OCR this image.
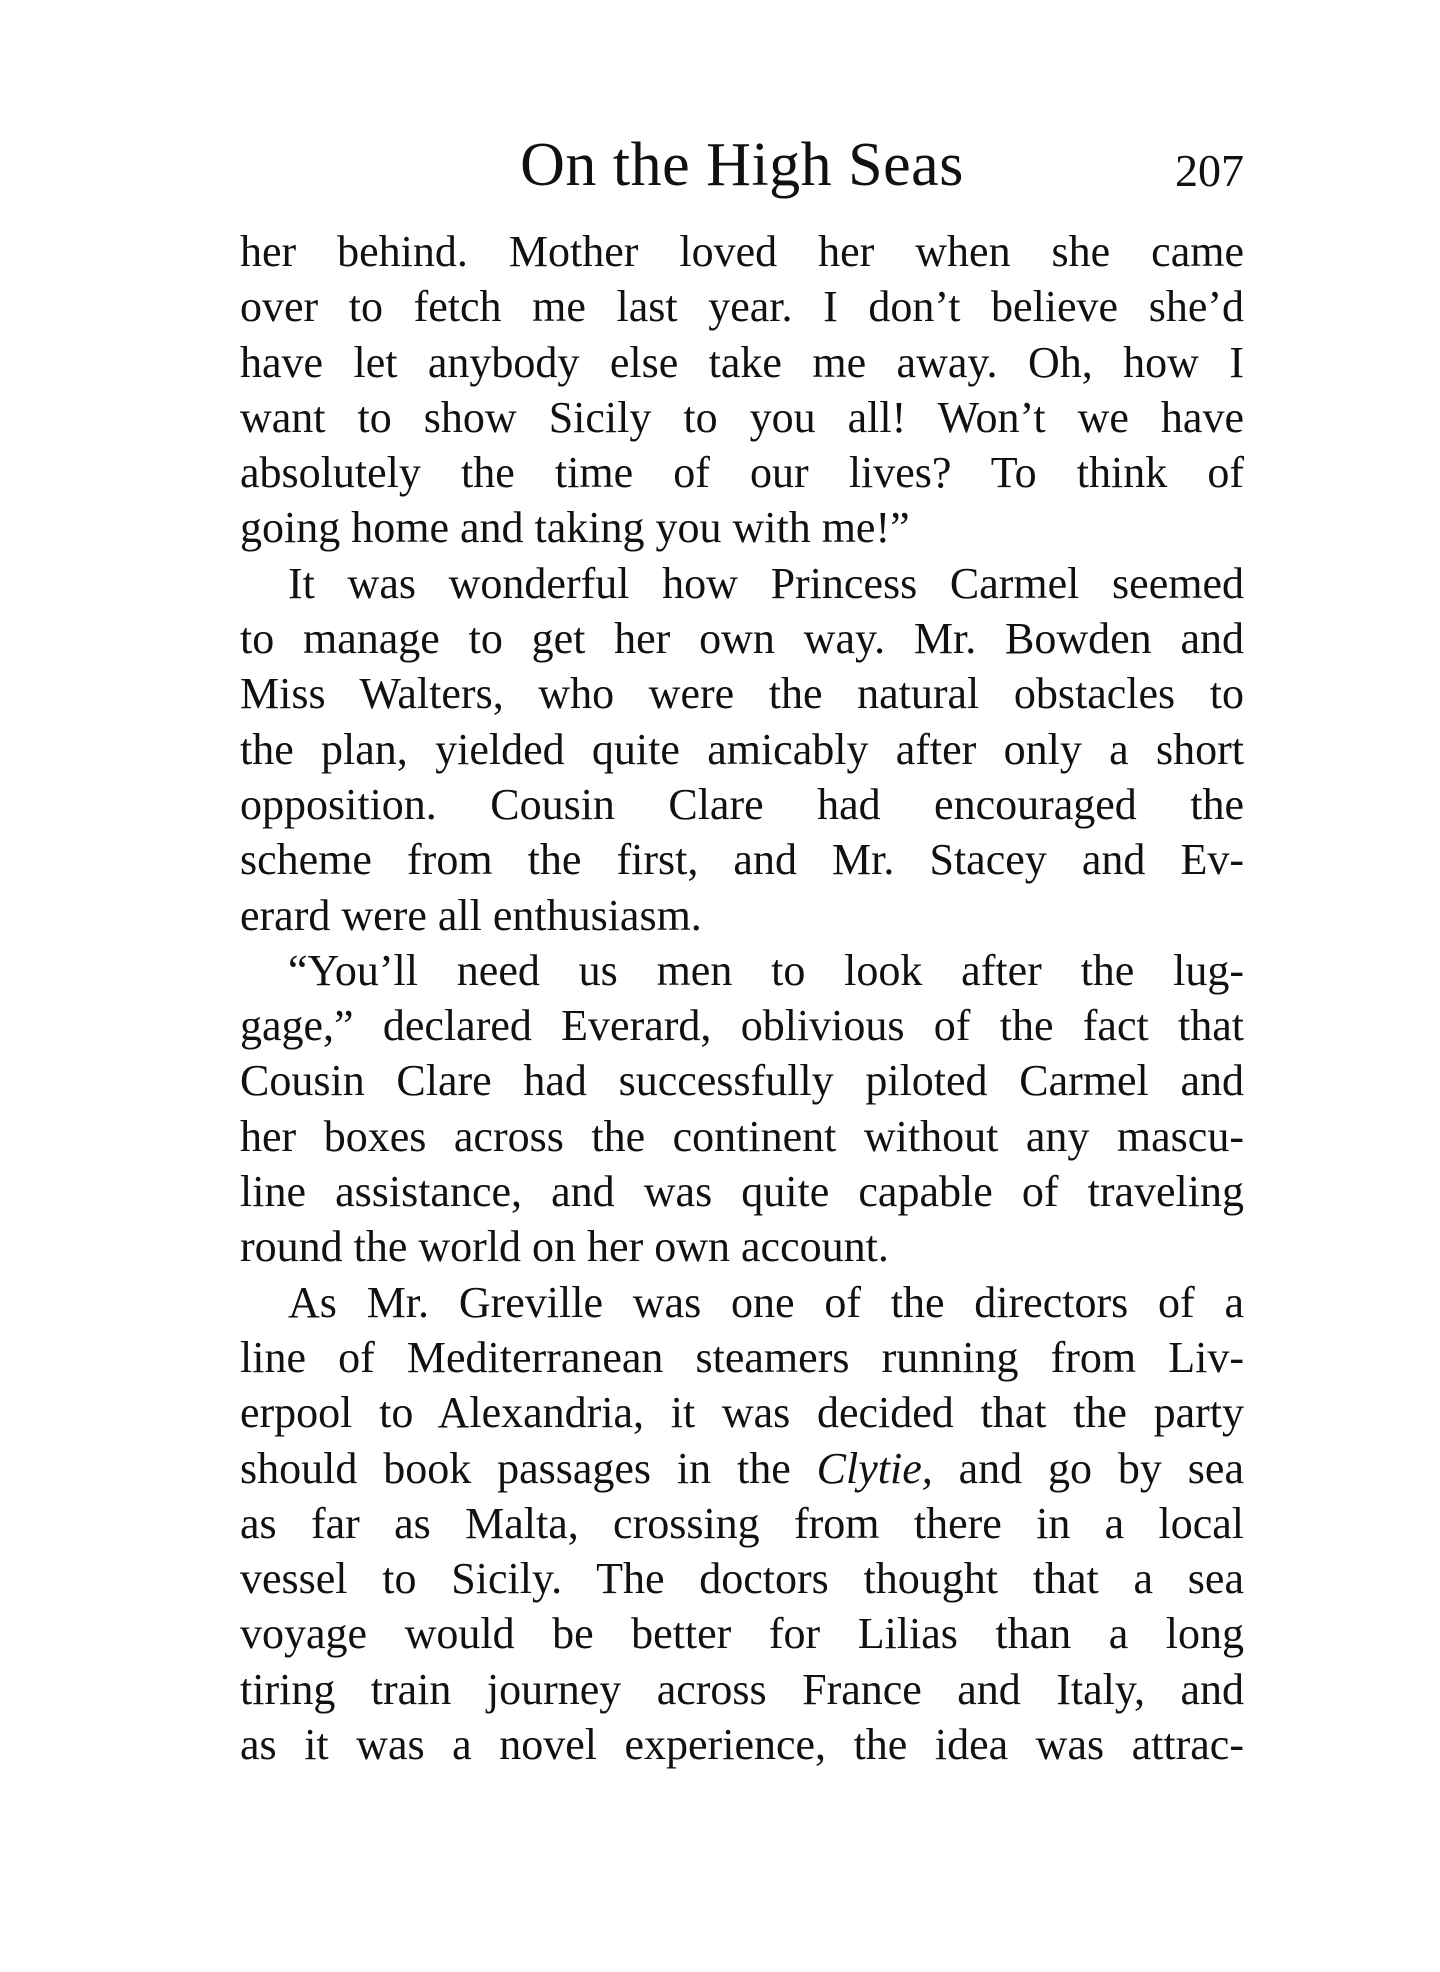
On the High Seas	207
her behind. Mother loved her when she came
over to fetch me last year. I don’t believe she’d
have let anybody else take me away. Oh, how I
want to show Sicily to you all! Won’t we have
absolutely the time of our lives? To think of
going home and taking you with me!”
It was wonderful how Princess Carmel seemed
to manage to get her own way. Mr. Bowden and
Miss Walters, who were the natural obstacles to
the plan, yielded quite amicably after only a short
opposition. Cousin Clare had encouraged the
scheme from the first, and Mr. Stacey and Ev-
erard were all enthusiasm.
“You’ll need us men to look after the lug-
gage,” declared Everard, oblivious of the fact that
Cousin Clare had successfully piloted Carmel and
her boxes across the continent without any mascu-
line assistance, and was quite capable of traveling
round the world on her own account.
As Mr. Greville was one of the directors of a
line of Mediterranean steamers running from Liv-
erpool to Alexandria, it was decided that the party
should book passages in the Clytie, and go by sea
as far as Malta, crossing from there in a local
vessel to Sicily. The doctors thought that a sea
voyage would be better for Lilias than a long
tiring train journey across France and Italy, and
as it was a novel experience, the idea was attrac-
